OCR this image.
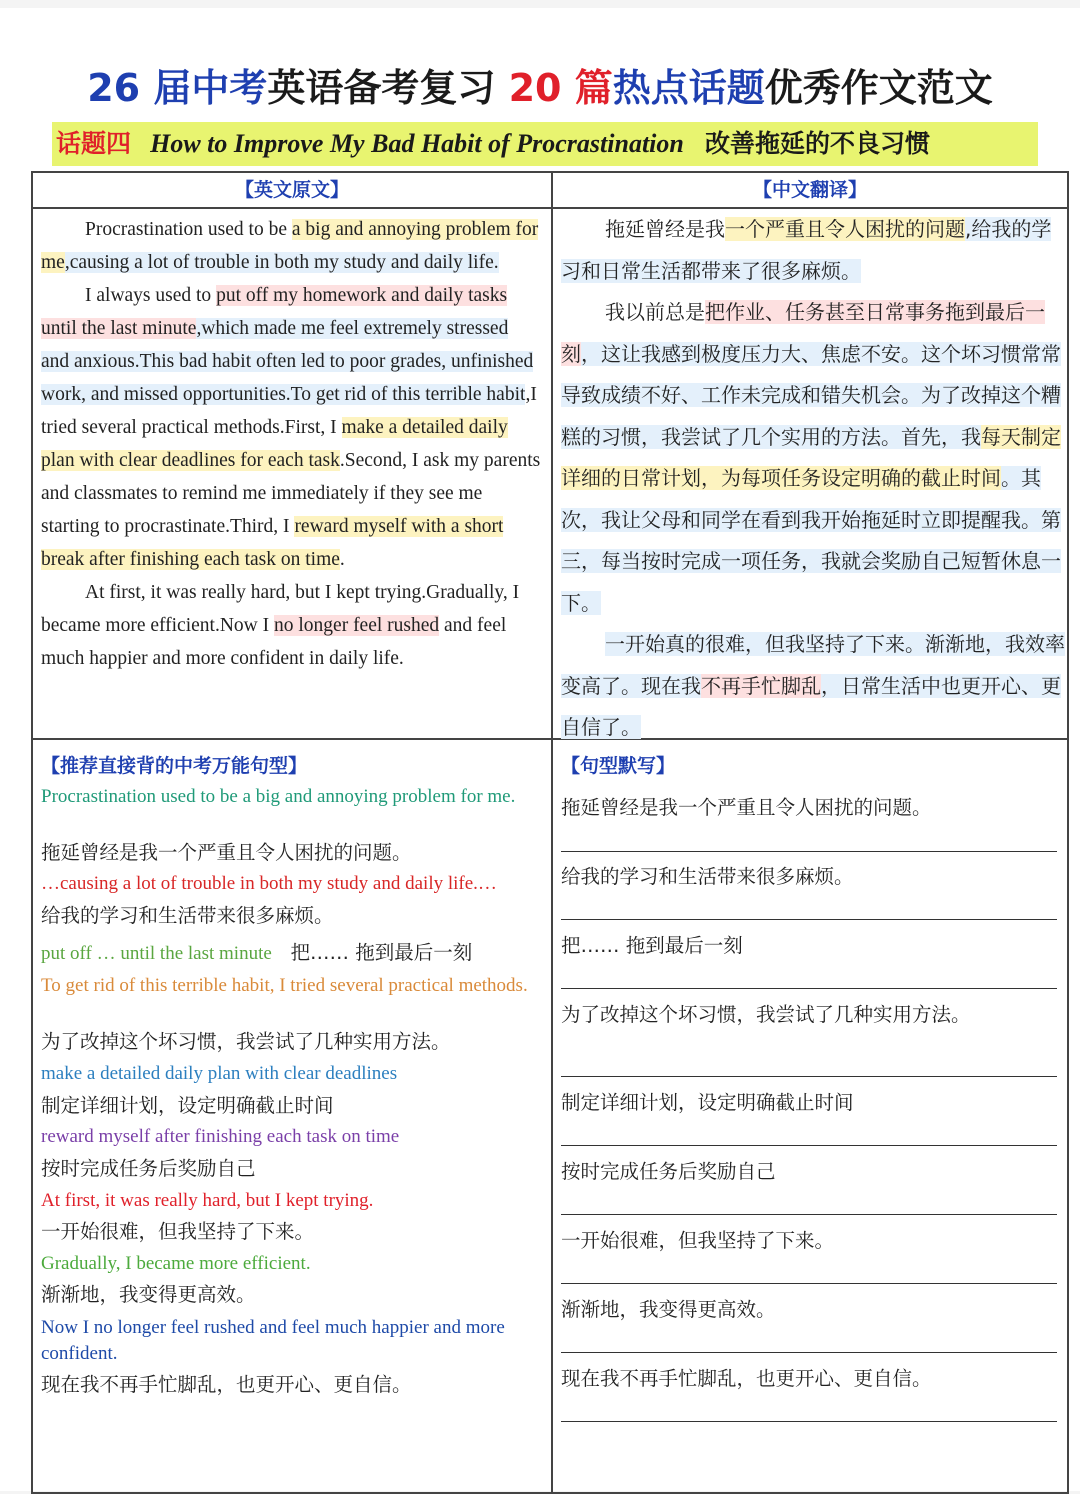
26 届中考英语备考复习 20 篇热点话题优秀作文范文
话题四 How to Improve My Bad Habit of Procrastination 改善拖延的不良习惯
【英文原文】	【中文翻译】

Procrastination used to be a big and annoying problem for me,causing a lot of trouble in both my study and daily life.

I always used to put off my homework and daily tasks until the last minute,which made me feel extremely stressed and anxious.This bad habit often led to poor grades, unfinished work, and missed opportunities.To get rid of this terrible habit,I tried several practical methods.First, I make a detailed daily plan with clear deadlines for each task.Second, I ask my parents and classmates to remind me immediately if they see me starting to procrastinate.Third, I reward myself with a short break after finishing each task on time.

At first, it was really hard, but I kept trying.Gradually, I became more efficient.Now I no longer feel rushed and feel much happier and more confident in daily life.

拖延曾经是我一个严重且令人困扰的问题,给我的学习和日常生活都带来了很多麻烦。

我以前总是把作业、任务甚至日常事务拖到最后一刻，这让我感到极度压力大、焦虑不安。这个坏习惯常常导致成绩不好、工作未完成和错失机会。为了改掉这个糟糕的习惯，我尝试了几个实用的方法。首先，我每天制定详细的日常计划，为每项任务设定明确的截止时间。其次，我让父母和同学在看到我开始拖延时立即提醒我。第三，每当按时完成一项任务，我就会奖励自己短暂休息一下。

一开始真的很难，但我坚持了下来。渐渐地，我效率变高了。现在我不再手忙脚乱，日常生活中也更开心、更自信了。

【推荐直接背的中考万能句型】	【句型默写】
Procrastination used to be a big and annoying problem for me.
拖延曾经是我一个严重且令人困扰的问题。
…causing a lot of trouble in both my study and daily life.…
给我的学习和生活带来很多麻烦。
put off … until the last minute 把…… 拖到最后一刻
To get rid of this terrible habit, I tried several practical methods.
为了改掉这个坏习惯，我尝试了几种实用方法。
make a detailed daily plan with clear deadlines
制定详细计划，设定明确截止时间
reward myself after finishing each task on time
按时完成任务后奖励自己
At first, it was really hard, but I kept trying.
一开始很难，但我坚持了下来。
Gradually, I became more efficient.
渐渐地，我变得更高效。
Now I no longer feel rushed and feel much happier and more confident.
现在我不再手忙脚乱，也更开心、更自信。
拖延曾经是我一个严重且令人困扰的问题。
给我的学习和生活带来很多麻烦。
把…… 拖到最后一刻
为了改掉这个坏习惯，我尝试了几种实用方法。
制定详细计划，设定明确截止时间
按时完成任务后奖励自己
一开始很难，但我坚持了下来。
渐渐地，我变得更高效。
现在我不再手忙脚乱，也更开心、更自信。
